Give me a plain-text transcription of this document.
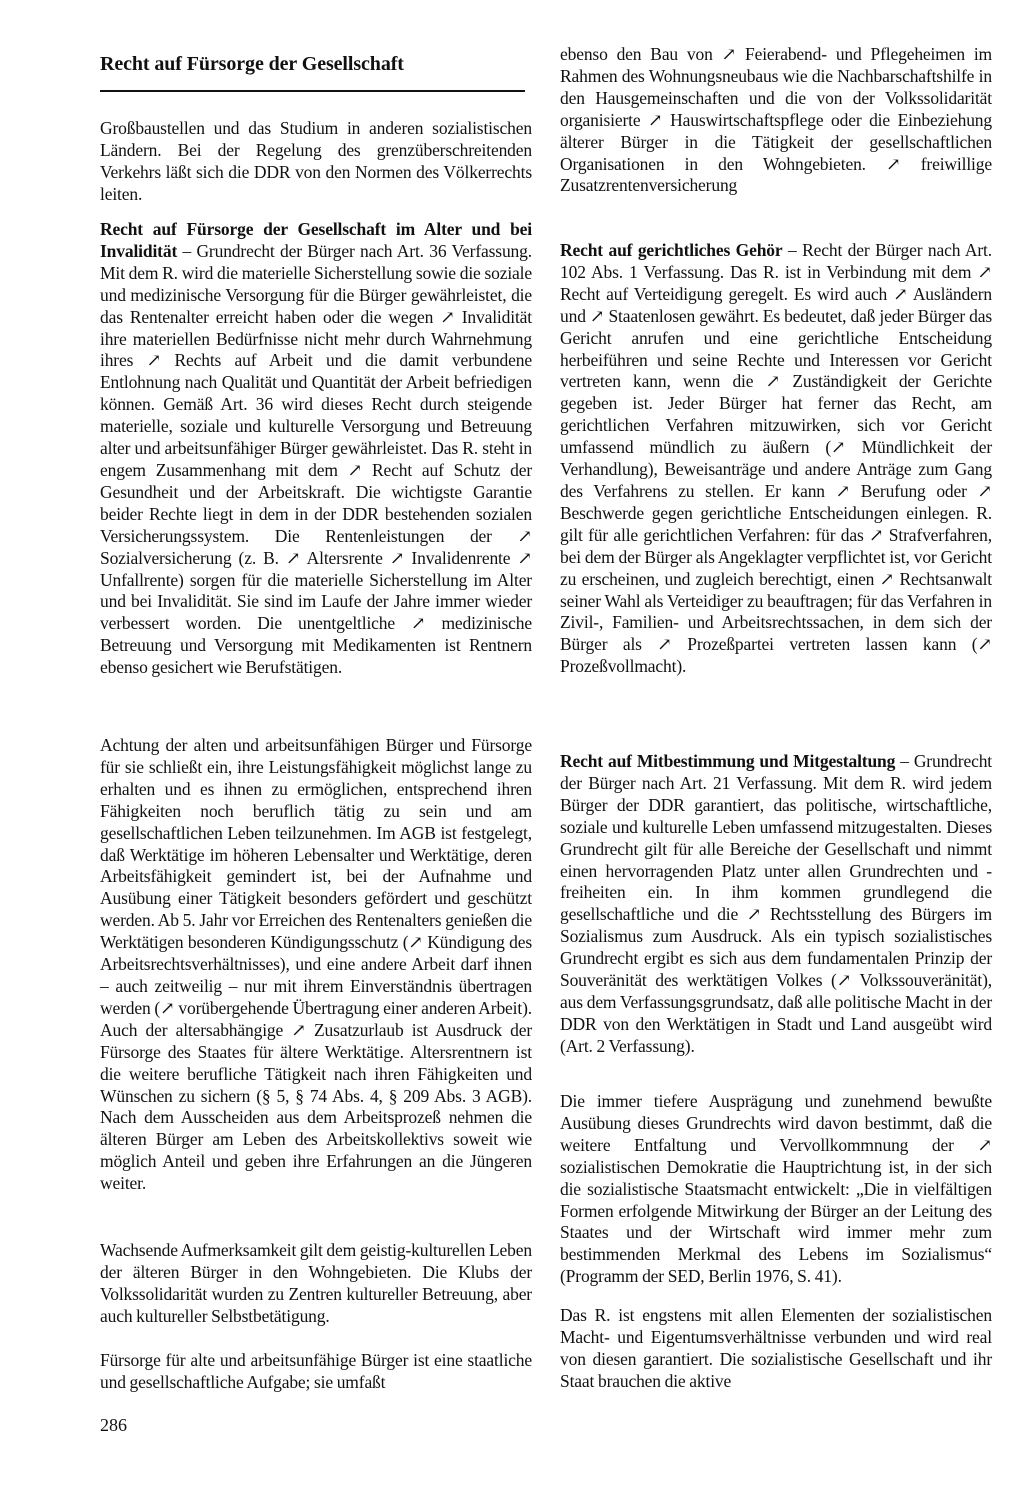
Recht auf Fürsorge der Gesellschaft

Großbaustellen und das Studium in anderen sozialistischen Ländern. Bei der Regelung des grenzüberschreitenden Verkehrs läßt sich die DDR von den Normen des Völkerrechts leiten.

Recht auf Fürsorge der Gesellschaft im Alter und bei Invalidität – Grundrecht der Bürger nach Art. 36 Verfassung. Mit dem R. wird die materielle Sicherstellung sowie die soziale und medizinische Versorgung für die Bürger gewährleistet, die das Rentenalter erreicht haben oder die wegen ↗ Invalidität ihre materiellen Bedürfnisse nicht mehr durch Wahrnehmung ihres ↗ Rechts auf Arbeit und die damit verbundene Entlohnung nach Qualität und Quantität der Arbeit befriedigen können. Gemäß Art. 36 wird dieses Recht durch steigende materielle, soziale und kulturelle Versorgung und Betreuung alter und arbeitsunfähiger Bürger gewährleistet. Das R. steht in engem Zusammenhang mit dem ↗ Recht auf Schutz der Gesundheit und der Arbeitskraft. Die wichtigste Garantie beider Rechte liegt in dem in der DDR bestehenden sozialen Versicherungssystem. Die Rentenleistungen der ↗ Sozialversicherung (z. B. ↗ Altersrente ↗ Invalidenrente ↗ Unfallrente) sorgen für die materielle Sicherstellung im Alter und bei Invalidität. Sie sind im Laufe der Jahre immer wieder verbessert worden. Die unentgeltliche ↗ medizinische Betreuung und Versorgung mit Medikamenten ist Rentnern ebenso gesichert wie Berufstätigen.

Achtung der alten und arbeitsunfähigen Bürger und Fürsorge für sie schließt ein, ihre Leistungsfähigkeit möglichst lange zu erhalten und es ihnen zu ermöglichen, entsprechend ihren Fähigkeiten noch beruflich tätig zu sein und am gesellschaftlichen Leben teilzunehmen. Im AGB ist festgelegt, daß Werktätige im höheren Lebensalter und Werktätige, deren Arbeitsfähigkeit gemindert ist, bei der Aufnahme und Ausübung einer Tätigkeit besonders gefördert und geschützt werden. Ab 5. Jahr vor Erreichen des Rentenalters genießen die Werktätigen besonderen Kündigungsschutz (↗ Kündigung des Arbeitsrechtsverhältnisses), und eine andere Arbeit darf ihnen – auch zeitweilig – nur mit ihrem Einverständnis übertragen werden (↗ vorübergehende Übertragung einer anderen Arbeit). Auch der altersabhängige ↗ Zusatzurlaub ist Ausdruck der Fürsorge des Staates für ältere Werktätige. Altersrentnern ist die weitere berufliche Tätigkeit nach ihren Fähigkeiten und Wünschen zu sichern (§ 5, § 74 Abs. 4, § 209 Abs. 3 AGB). Nach dem Ausscheiden aus dem Arbeitsprozeß nehmen die älteren Bürger am Leben des Arbeitskollektivs soweit wie möglich Anteil und geben ihre Erfahrungen an die Jüngeren weiter.

Wachsende Aufmerksamkeit gilt dem geistig-kulturellen Leben der älteren Bürger in den Wohngebieten. Die Klubs der Volkssolidarität wurden zu Zentren kultureller Betreuung, aber auch kultureller Selbstbetätigung.

Fürsorge für alte und arbeitsunfähige Bürger ist eine staatliche und gesellschaftliche Aufgabe; sie umfaßt

ebenso den Bau von ↗ Feierabend- und Pflegeheimen im Rahmen des Wohnungsneubaus wie die Nachbarschaftshilfe in den Hausgemeinschaften und die von der Volkssolidarität organisierte ↗ Hauswirtschaftspflege oder die Einbeziehung älterer Bürger in die Tätigkeit der gesellschaftlichen Organisationen in den Wohngebieten. ↗ freiwillige Zusatzrentenversicherung

Recht auf gerichtliches Gehör – Recht der Bürger nach Art. 102 Abs. 1 Verfassung. Das R. ist in Verbindung mit dem ↗ Recht auf Verteidigung geregelt. Es wird auch ↗ Ausländern und ↗ Staatenlosen gewährt. Es bedeutet, daß jeder Bürger das Gericht anrufen und eine gerichtliche Entscheidung herbeiführen und seine Rechte und Interessen vor Gericht vertreten kann, wenn die ↗ Zuständigkeit der Gerichte gegeben ist. Jeder Bürger hat ferner das Recht, am gerichtlichen Verfahren mitzuwirken, sich vor Gericht umfassend mündlich zu äußern (↗ Mündlichkeit der Verhandlung), Beweisanträge und andere Anträge zum Gang des Verfahrens zu stellen. Er kann ↗ Berufung oder ↗ Beschwerde gegen gerichtliche Entscheidungen einlegen. R. gilt für alle gerichtlichen Verfahren: für das ↗ Strafverfahren, bei dem der Bürger als Angeklagter verpflichtet ist, vor Gericht zu erscheinen, und zugleich berechtigt, einen ↗ Rechtsanwalt seiner Wahl als Verteidiger zu beauftragen; für das Verfahren in Zivil-, Familien- und Arbeitsrechtssachen, in dem sich der Bürger als ↗ Prozeßpartei vertreten lassen kann (↗ Prozeßvollmacht).
Recht auf Mitbestimmung und Mitgestaltung – Grundrecht der Bürger nach Art. 21 Verfassung. Mit dem R. wird jedem Bürger der DDR garantiert, das politische, wirtschaftliche, soziale und kulturelle Leben umfassend mitzugestalten. Dieses Grundrecht gilt für alle Bereiche der Gesellschaft und nimmt einen hervorragenden Platz unter allen Grundrechten und -freiheiten ein. In ihm kommen grundlegend die gesellschaftliche und die ↗ Rechtsstellung des Bürgers im Sozialismus zum Ausdruck. Als ein typisch sozialistisches Grundrecht ergibt es sich aus dem fundamentalen Prinzip der Souveränität des werktätigen Volkes (↗ Volkssouveränität), aus dem Verfassungsgrundsatz, daß alle politische Macht in der DDR von den Werktätigen in Stadt und Land ausgeübt wird (Art. 2 Verfassung).

Die immer tiefere Ausprägung und zunehmend bewußte Ausübung dieses Grundrechts wird davon bestimmt, daß die weitere Entfaltung und Vervollkommnung der ↗ sozialistischen Demokratie die Hauptrichtung ist, in der sich die sozialistische Staatsmacht entwickelt: „Die in vielfältigen Formen erfolgende Mitwirkung der Bürger an der Leitung des Staates und der Wirtschaft wird immer mehr zum bestimmenden Merkmal des Lebens im Sozialismus“ (Programm der SED, Berlin 1976, S. 41).

Das R. ist engstens mit allen Elementen der sozialistischen Macht- und Eigentumsverhältnisse verbunden und wird real von diesen garantiert. Die sozialistische Gesellschaft und ihr Staat brauchen die aktive

286
